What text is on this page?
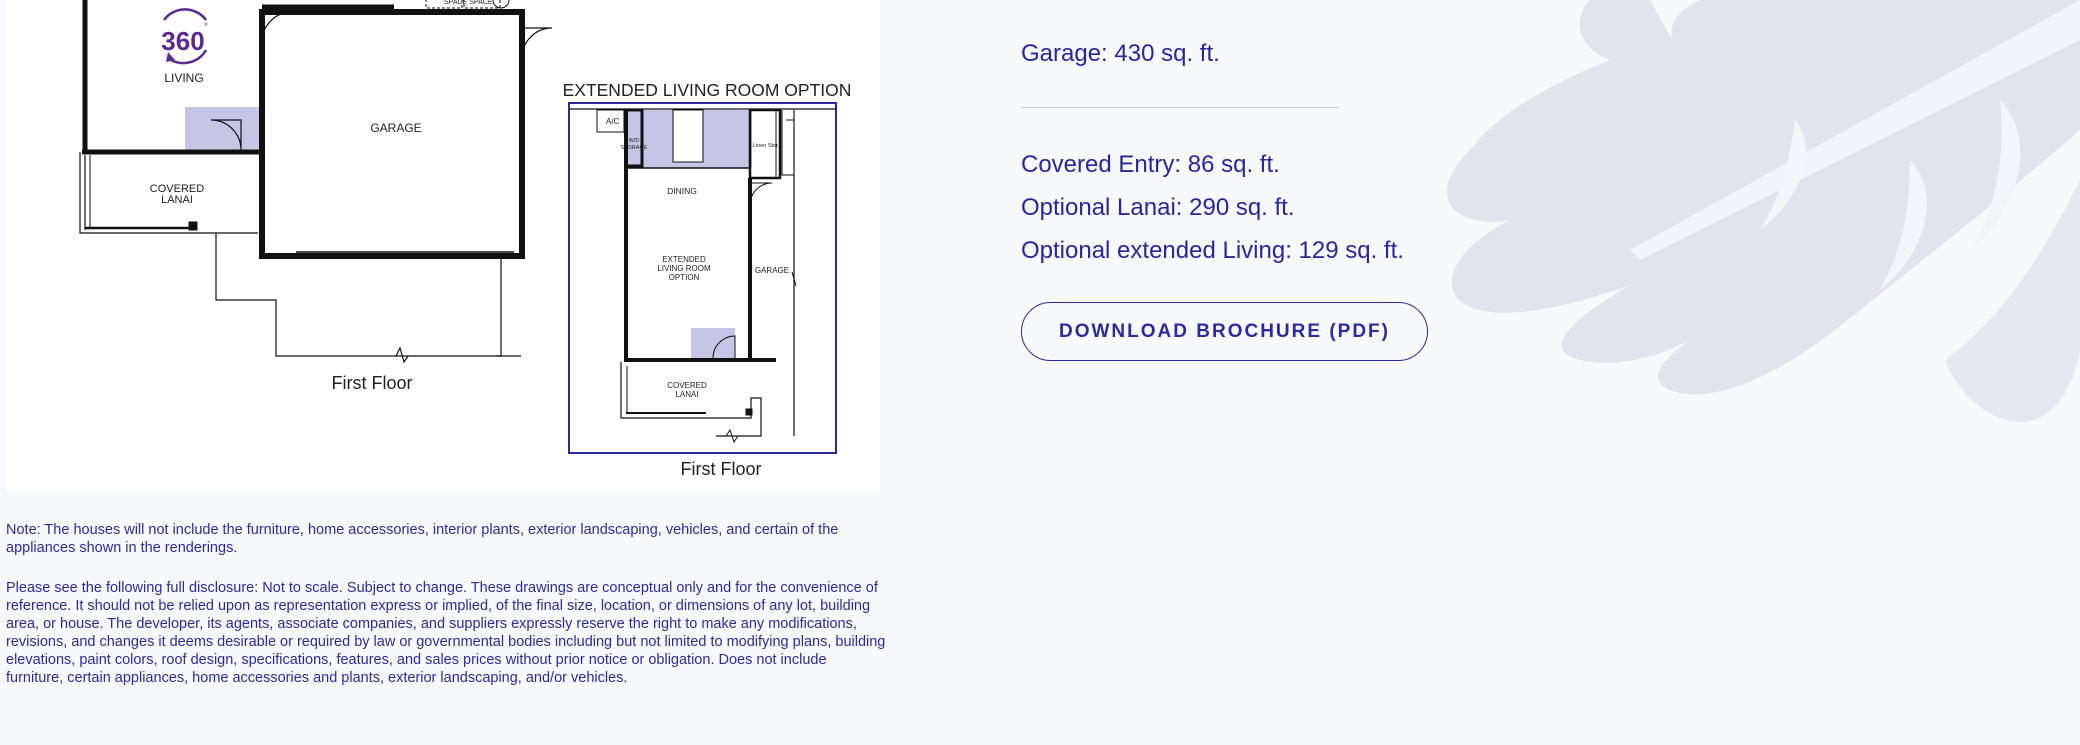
SPACE SPACE
360 °
LIVING
GARAGE
COVERED
LANAI
First Floor
EXTENDED LIVING ROOM OPTION
A/C
W/D
STORAGE	Linen Stor.
DINING
EXTENDED
LIVING ROOM
OPTION
GARAGE
COVERED
LANAI
First Floor

Note: The houses will not include the furniture, home accessories, interior plants, exterior landscaping, vehicles, and certain of the appliances shown in the renderings.

Please see the following full disclosure: Not to scale. Subject to change. These drawings are conceptual only and for the convenience of reference. It should not be relied upon as representation express or implied, of the final size, location, or dimensions of any lot, building area, or house. The developer, its agents, associate companies, and suppliers expressly reserve the right to make any modifications, revisions, and changes it deems desirable or required by law or governmental bodies including but not limited to modifying plans, building elevations, paint colors, roof design, specifications, features, and sales prices without prior notice or obligation. Does not include furniture, certain appliances, home accessories and plants, exterior landscaping, and/or vehicles.

Garage: 430 sq. ft.
Covered Entry: 86 sq. ft.
Optional Lanai: 290 sq. ft.
Optional extended Living: 129 sq. ft.
DOWNLOAD BROCHURE (PDF)
